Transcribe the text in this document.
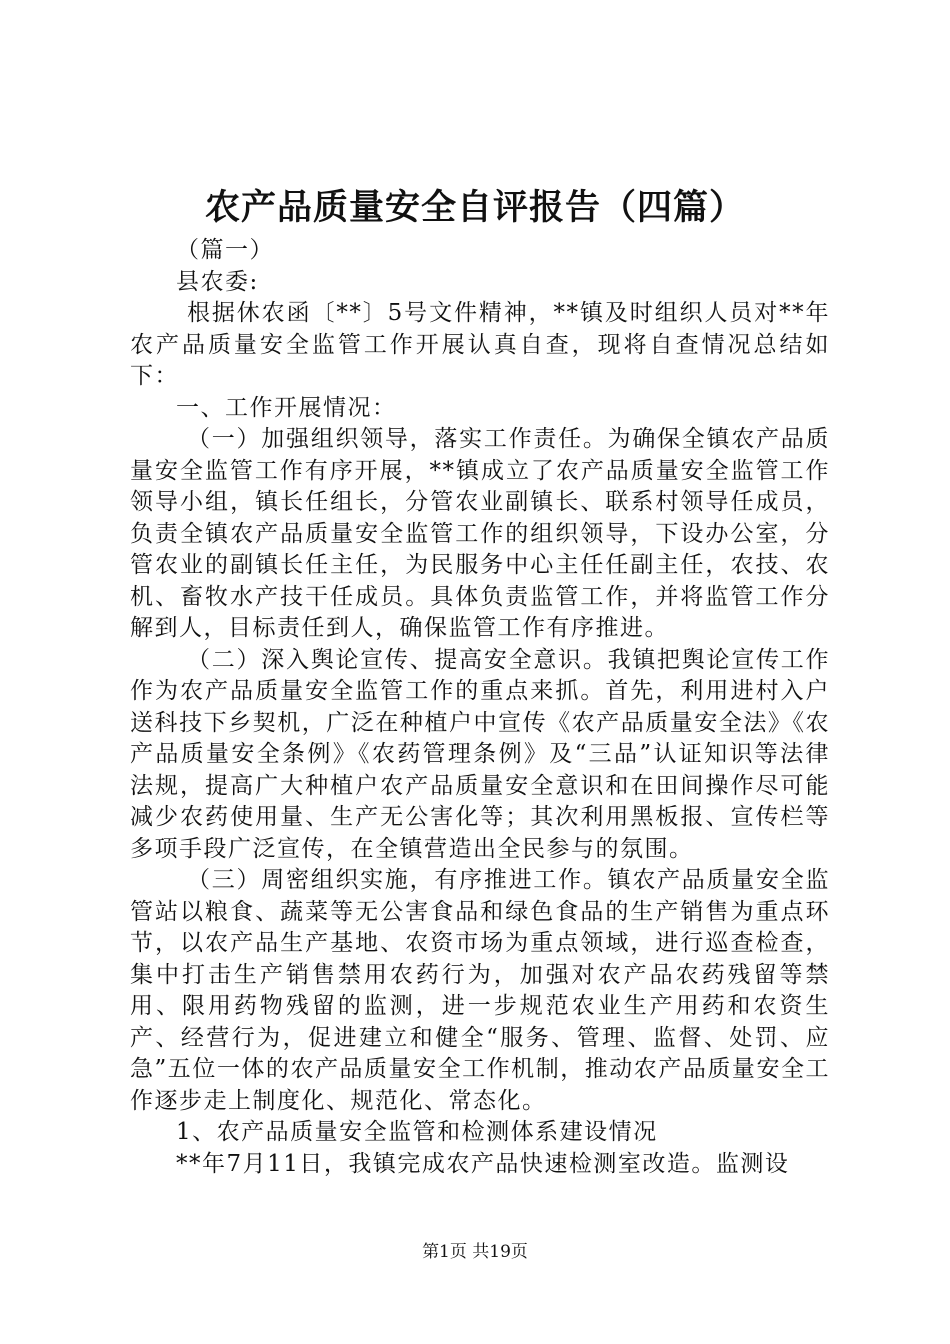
农产品质量安全自评报告（四篇）

（篇一）

县农委:

根据休农函〔**〕5号文件精神，**镇及时组织人员对**年农产品质量安全监管工作开展认真自查，现将自查情况总结如下：

一、工作开展情况：

（一）加强组织领导，落实工作责任。为确保全镇农产品质量安全监管工作有序开展，**镇成立了农产品质量安全监管工作领导小组，镇长任组长，分管农业副镇长、联系村领导任成员，负责全镇农产品质量安全监管工作的组织领导，下设办公室，分管农业的副镇长任主任，为民服务中心主任任副主任，农技、农机、畜牧水产技干任成员。具体负责监管工作，并将监管工作分解到人，目标责任到人，确保监管工作有序推进。

（二）深入舆论宣传、提高安全意识。我镇把舆论宣传工作作为农产品质量安全监管工作的重点来抓。首先，利用进村入户送科技下乡契机，广泛在种植户中宣传《农产品质量安全法》《农产品质量安全条例》《农药管理条例》及“三品”认证知识等法律法规，提高广大种植户农产品质量安全意识和在田间操作尽可能减少农药使用量、生产无公害化等；其次利用黑板报、宣传栏等多项手段广泛宣传，在全镇营造出全民参与的氛围。

（三）周密组织实施，有序推进工作。镇农产品质量安全监管站以粮食、蔬菜等无公害食品和绿色食品的生产销售为重点环节，以农产品生产基地、农资市场为重点领域，进行巡查检查，集中打击生产销售禁用农药行为，加强对农产品农药残留等禁用、限用药物残留的监测，进一步规范农业生产用药和农资生产、经营行为，促进建立和健全“服务、管理、监督、处罚、应急”五位一体的农产品质量安全工作机制，推动农产品质量安全工作逐步走上制度化、规范化、常态化。

1、农产品质量安全监管和检测体系建设情况

**年7月11日，我镇完成农产品快速检测室改造。监测设

第1页 共19页
